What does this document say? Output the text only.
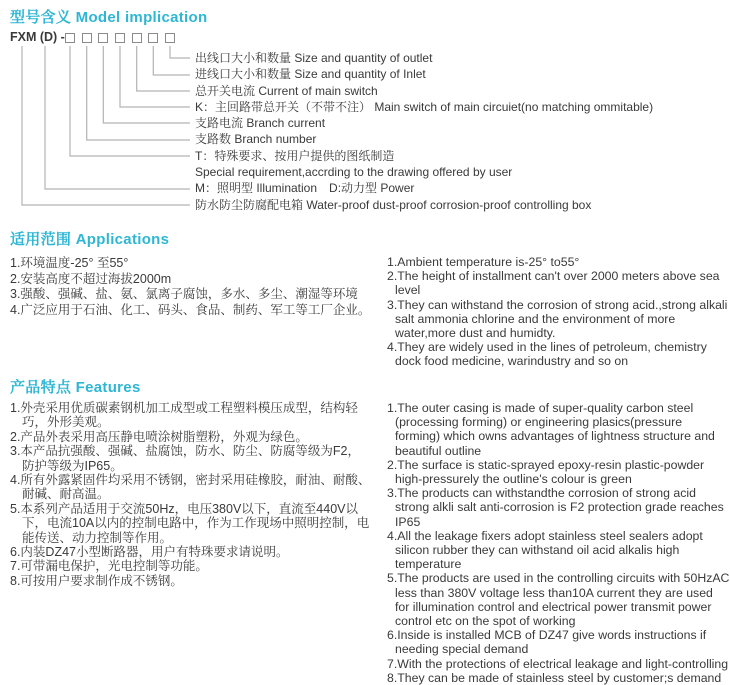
型号含义 Model implication
FXM (D) -
出线口大小和数量 Size and quantity of outlet
进线口大小和数量 Size and quantity of Inlet
总开关电流 Current of main switch
K：主回路带总开关（不带不注） Main switch of main circuiet(no matching ommitable)
支路电流 Branch current
支路数 Branch number
T：特殊要求、按用户提供的图纸制造
Special requirement,accrding to the drawing offered by user
M：照明型 Illumination　D:动力型 Power
防水防尘防腐配电箱 Water-proof dust-proof corrosion-proof controlling box
适用范围 Applications
1.环境温度-25° 至55°
2.安装高度不超过海拔2000m
3.强酸、强碱、盐、氨、氯离子腐蚀，多水、多尘、潮湿等环境
4.广泛应用于石油、化工、码头、食品、制药、军工等工厂企业。
1.Ambient temperature is-25° to55°
2.The height of installment can't over 2000 meters above sea level
3.They can withstand the corrosion of strong acid.,strong alkali salt ammonia chlorine and the environment of more water,more dust and humidty.
4.They are widely used in the lines of petroleum, chemistry dock food medicine, warindustry and so on
产品特点 Features
1.外壳采用优质碳素钢机加工成型或工程塑料模压成型，结构轻巧，外形美观。
2.产品外表采用高压静电喷涂树脂塑粉，外观为绿色。
3.本产品抗强酸、强碱、盐腐蚀，防水、防尘、防腐等级为F2，防护等级为IP65。
4.所有外露紧固件均采用不锈钢，密封采用硅橡胶，耐油、耐酸、耐碱、耐高温。
5.本系列产品适用于交流50Hz，电压380V以下，直流至440V以下，电流10A以内的控制电路中，作为工作现场中照明控制，电能传送、动力控制等作用。
6.内装DZ47小型断路器，用户有特珠要求请说明。
7.可带漏电保护，光电控制等功能。
8.可按用户要求制作成不锈钢。
1.The outer casing is made of super-quality carbon steel (processing forming) or engineering plasics(pressure forming) which owns advantages of lightness structure and beautiful outline
2.The surface is static-sprayed epoxy-resin plastic-powder high-pressurely the outline's colour is green
3.The products can withstandthe corrosion of strong acid strong alkli salt anti-corrosion is F2 protection grade reaches IP65
4.All the leakage fixers adopt stainless steel sealers adopt silicon rubber they can withstand oil acid alkalis high temperature
5.The products are used in the controlling circuits with 50HzAC less than 380V voltage less than10A current they are used for illumination control and electrical power transmit power control etc on the spot of working
6.Inside is installed MCB of DZ47 give words instructions if needing special demand
7.With the protections of electrical leakage and light-controlling
8.They can be made of stainless steel by customer;s demand
